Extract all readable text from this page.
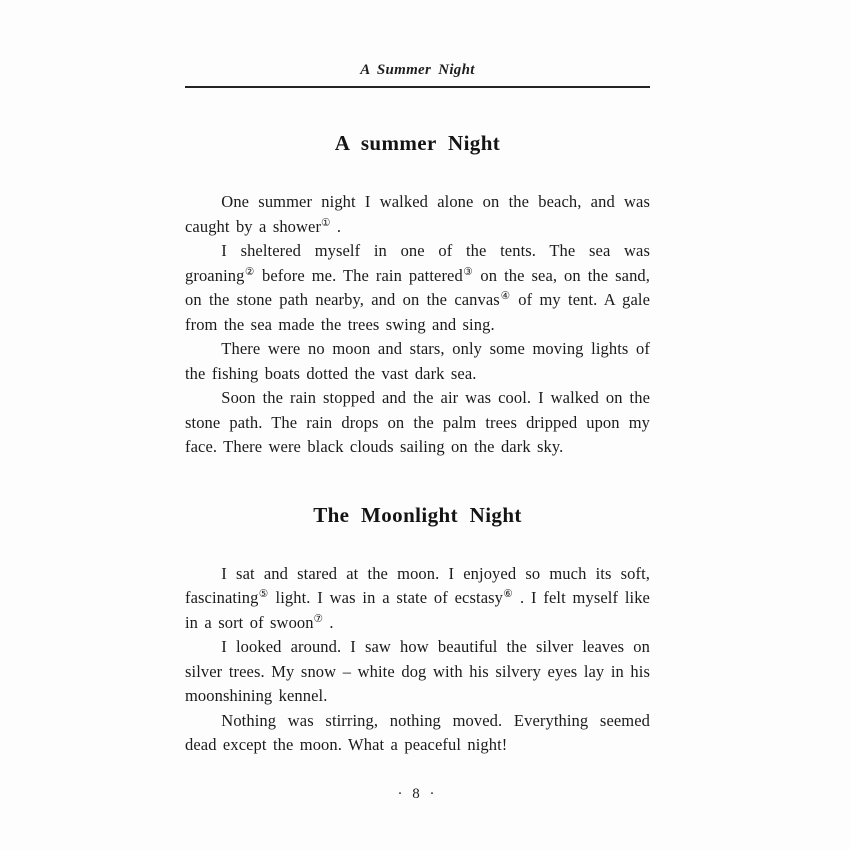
A Summer Night
A summer Night

One summer night I walked alone on the beach, and was caught by a shower① .

I sheltered myself in one of the tents. The sea was groaning② before me. The rain pattered③ on the sea, on the sand, on the stone path nearby, and on the canvas④ of my tent. A gale from the sea made the trees swing and sing.

There were no moon and stars, only some moving lights of the fishing boats dotted the vast dark sea.

Soon the rain stopped and the air was cool. I walked on the stone path. The rain drops on the palm trees dripped upon my face. There were black clouds sailing on the dark sky.

The Moonlight Night

I sat and stared at the moon. I enjoyed so much its soft, fascinating⑤ light. I was in a state of ecstasy⑥ . I felt myself like in a sort of swoon⑦ .

I looked around. I saw how beautiful the silver leaves on silver trees. My snow – white dog with his silvery eyes lay in his moonshining kennel.

Nothing was stirring, nothing moved. Everything seemed dead except the moon. What a peaceful night!

· 8 ·
